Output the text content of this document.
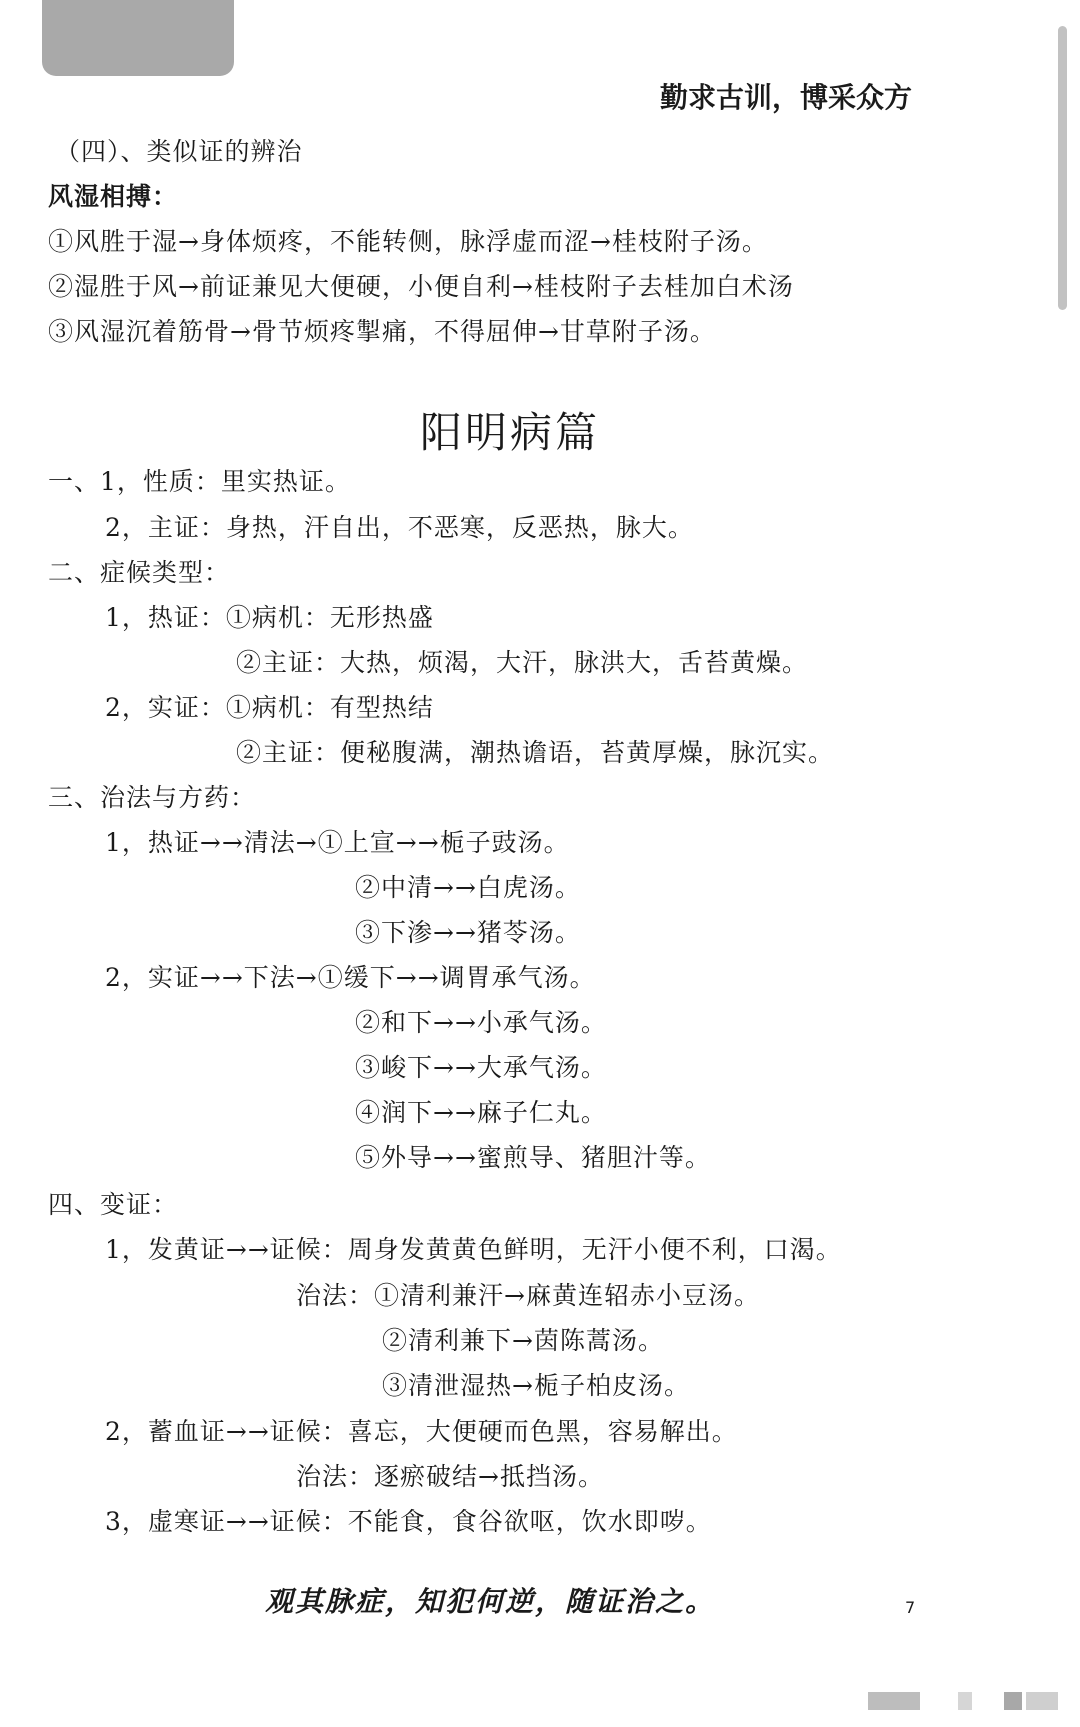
勤求古训，博采众方
（四）、类似证的辨治
风湿相搏：
①风胜于湿→身体烦疼，不能转侧，脉浮虚而涩→桂枝附子汤。
②湿胜于风→前证兼见大便硬，小便自利→桂枝附子去桂加白术汤
③风湿沉着筋骨→骨节烦疼掣痛，不得屈伸→甘草附子汤。
阳明病篇
一、1，性质：里实热证。
2，主证：身热，汗自出，不恶寒，反恶热，脉大。
二、症候类型：
1，热证：①病机：无形热盛
②主证：大热，烦渴，大汗，脉洪大，舌苔黄燥。
2，实证：①病机：有型热结
②主证：便秘腹满，潮热谵语，苔黄厚燥，脉沉实。
三、治法与方药：
1，热证→→清法→①上宣→→栀子豉汤。
②中清→→白虎汤。
③下渗→→猪苓汤。
2，实证→→下法→①缓下→→调胃承气汤。
②和下→→小承气汤。
③峻下→→大承气汤。
④润下→→麻子仁丸。
⑤外导→→蜜煎导、猪胆汁等。
四、变证：
1，发黄证→→证候：周身发黄黄色鲜明，无汗小便不利，口渴。
治法：①清利兼汗→麻黄连轺赤小豆汤。
②清利兼下→茵陈蒿汤。
③清泄湿热→栀子柏皮汤。
2，蓄血证→→证候：喜忘，大便硬而色黑，容易解出。
治法：逐瘀破结→抵挡汤。
3，虚寒证→→证候：不能食，食谷欲呕，饮水即哕。
观其脉症，知犯何逆，随证治之。	7
